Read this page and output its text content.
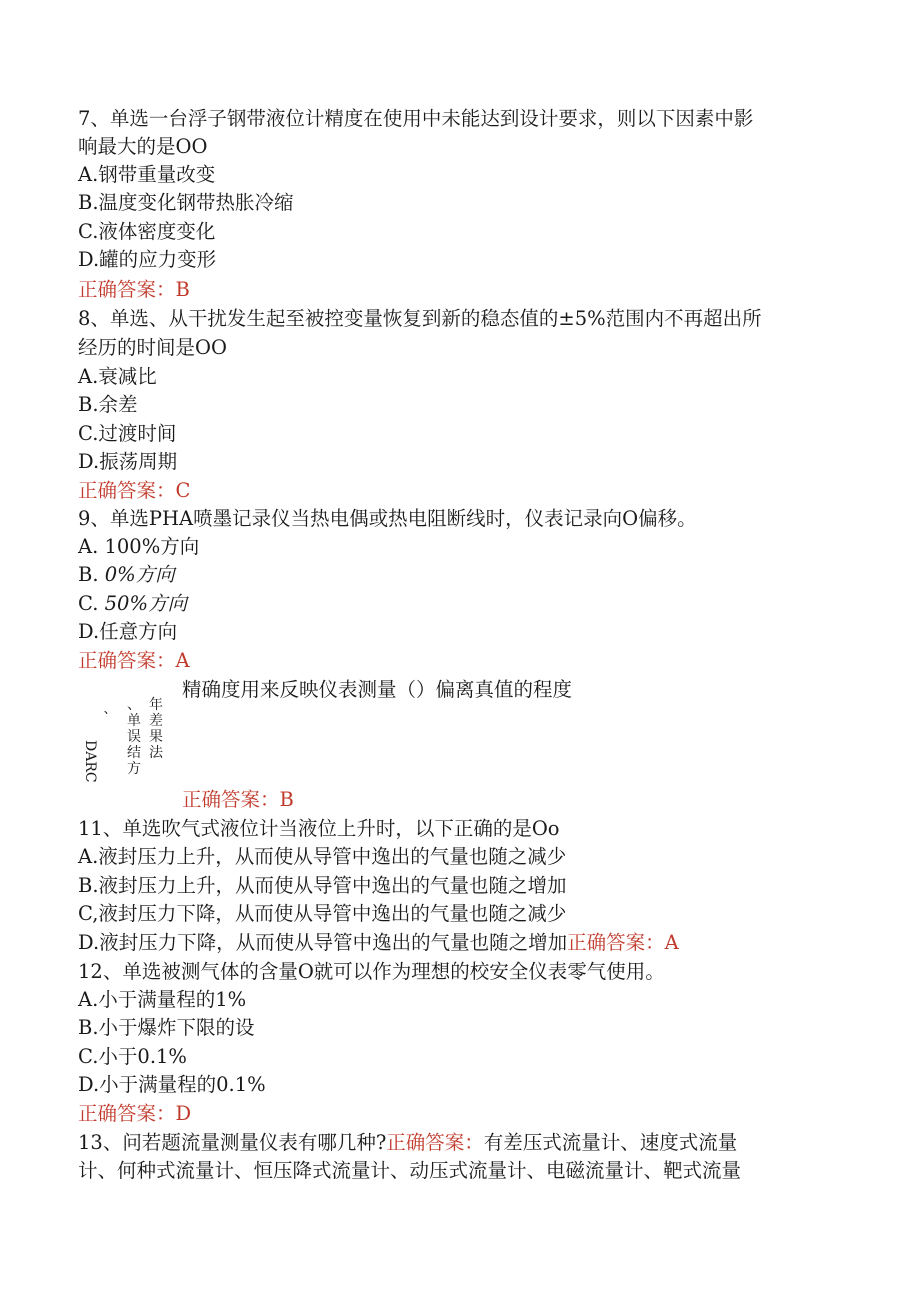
7、单选一台浮子钢带液位计精度在使用中未能达到设计要求，则以下因素中影
响最大的是OO
A.钢带重量改变
B.温度变化钢带热胀冷缩
C.液体密度变化
D.罐的应力变形
正确答案：B
8、单选、从干扰发生起至被控变量恢复到新的稳态值的±5%范围内不再超出所
经历的时间是OO
A.衰减比
B.余差
C.过渡时间
D.振荡周期
正确答案：C
9、单选PHA喷墨记录仪当热电偶或热电阻断线时，仪表记录向O偏移。
A. 100%方向
B. 0%方向
C. 50%方向
D.任意方向
正确答案：A
精确度用来反映仪表测量（）偏离真值的程度
、 、单误结方
年差果法
DARC
正确答案：B
11、单选吹气式液位计当液位上升时，以下正确的是Oo
A.液封压力上升，从而使从导管中逸出的气量也随之减少
B.液封压力上升，从而使从导管中逸出的气量也随之增加
C,液封压力下降，从而使从导管中逸出的气量也随之减少
D.液封压力下降，从而使从导管中逸出的气量也随之增加正确答案：A
12、单选被测气体的含量O就可以作为理想的校安全仪表零气使用。
A.小于满量程的1%
B.小于爆炸下限的设
C.小于0.1%
D.小于满量程的0.1%
正确答案：D
13、问若题流量测量仪表有哪几种?正确答案：有差压式流量计、速度式流量
计、何种式流量计、恒压降式流量计、动压式流量计、电磁流量计、靶式流量
